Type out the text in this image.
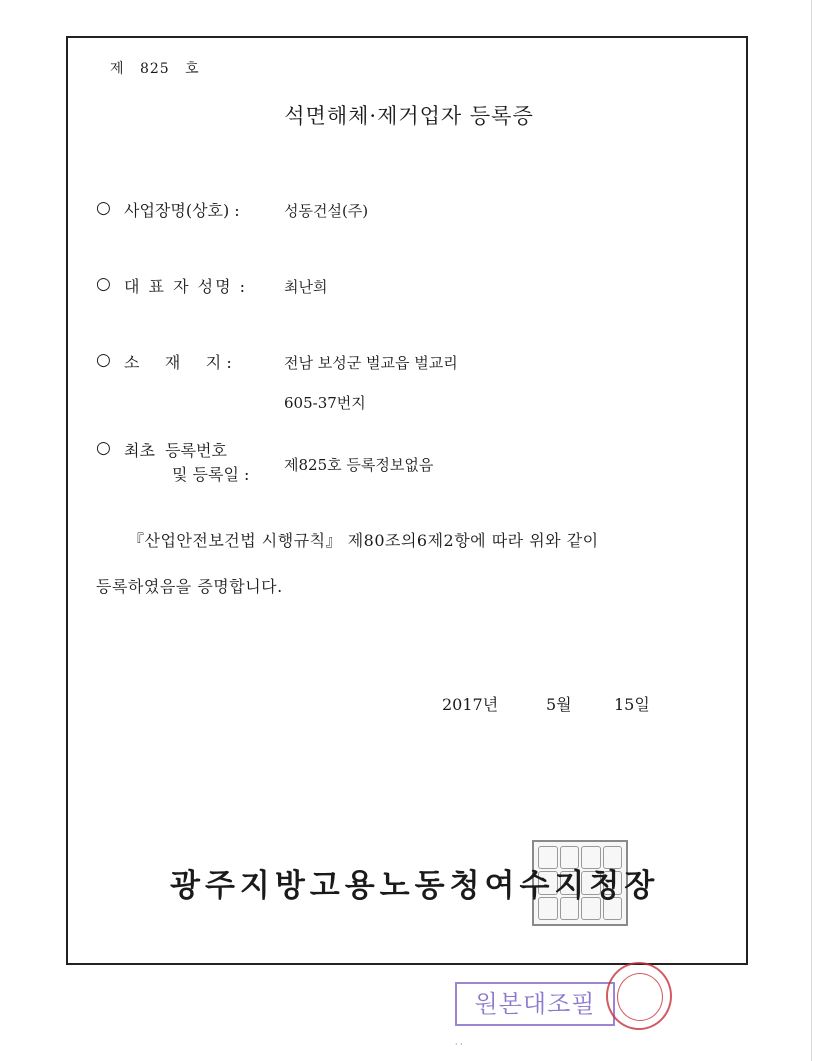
제 825 호
석면해체·제거업자 등록증
○ 사업장명(상호) :	성동건설(주)
○ 대 표 자 성명 : 최난희
○ 소     재     지 :	전남 보성군 벌교읍 벌교리
605-37번지
○ 최초  등록번호
및 등록일 : 제825호 등록정보없음
『산업안전보건법 시행규칙』 제80조의6제2항에 따라 위와 같이
등록하였음을 증명합니다.
2017년	5월	15일
광주지방고용노동청여수지청장
원본대조필
· ·
